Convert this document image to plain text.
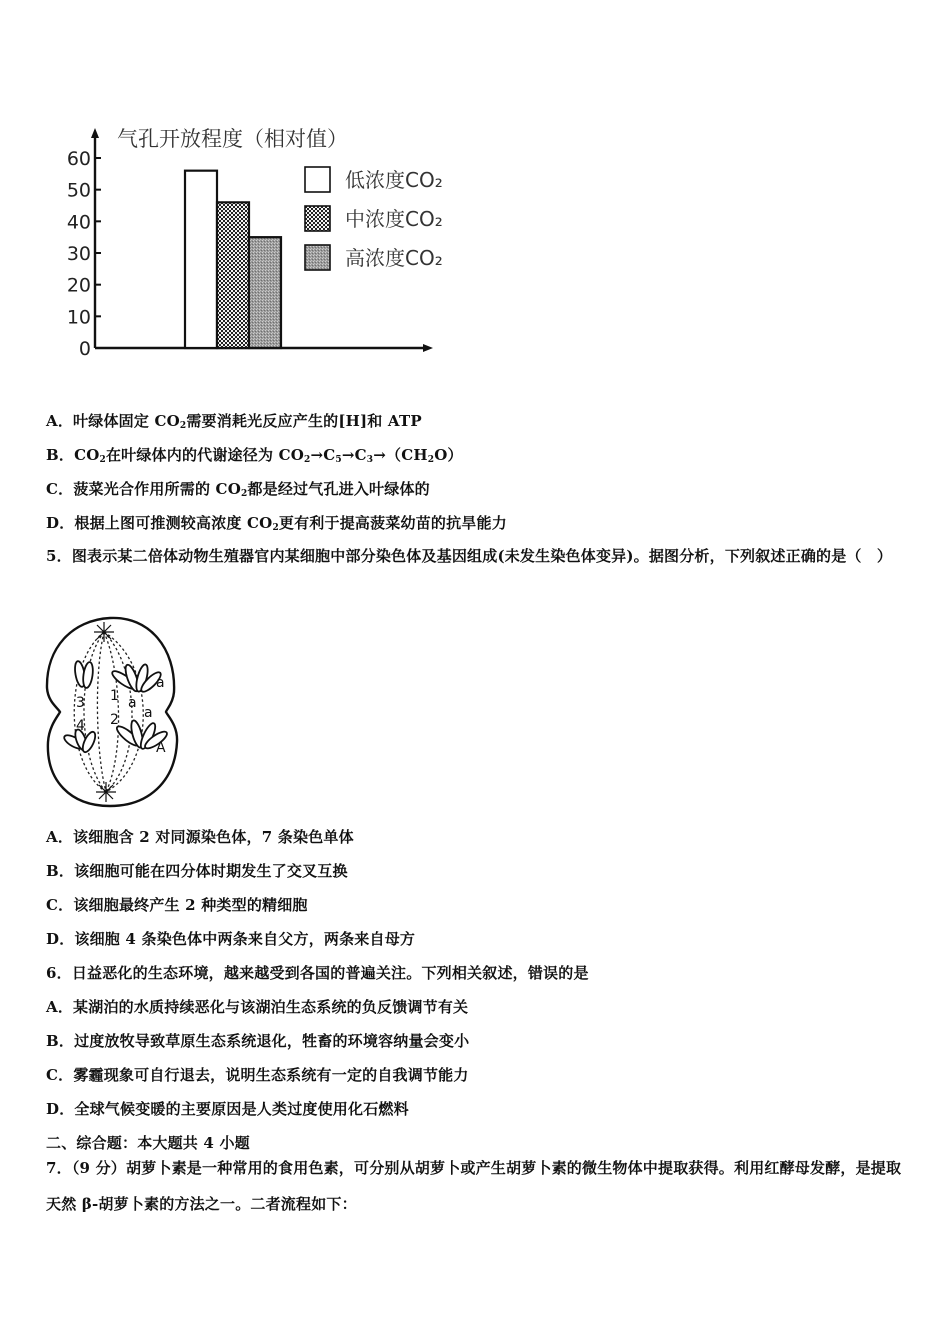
气孔开放程度（相对值）
0
10
20
30
40
50
60
低浓度CO₂
中浓度CO₂
高浓度CO₂
A．叶绿体固定 $CO_2$需要消耗光反应产生的[H]和 ATP
B．$CO_2$在叶绿体内的代谢途径为 $CO_2\to C_5\to C_3\to(CH_2O)$
C．菠菜光合作用所需的 $CO_2$都是经过气孔进入叶绿体的
D．根据上图可推测较高浓度 $CO_2$更有利于提高菠菜幼苗的抗旱能力
5．图表示某二倍体动物生殖器官内某细胞中部分染色体及基因组成(未发生染色体变异)。据图分析，下列叙述正确的是（　）
3
4
1
2
a
a
a
A
A．该细胞含 2 对同源染色体，7 条染色单体
B．该细胞可能在四分体时期发生了交叉互换
C．该细胞最终产生 2 种类型的精细胞
D．该细胞 4 条染色体中两条来自父方，两条来自母方
6．日益恶化的生态环境，越来越受到各国的普遍关注。下列相关叙述，错误的是
A．某湖泊的水质持续恶化与该湖泊生态系统的负反馈调节有关
B．过度放牧导致草原生态系统退化，牲畜的环境容纳量会变小
C．雾霾现象可自行退去，说明生态系统有一定的自我调节能力
D．全球气候变暖的主要原因是人类过度使用化石燃料
二、综合题：本大题共 4 小题
7．（9 分）胡萝卜素是一种常用的食用色素，可分别从胡萝卜或产生胡萝卜素的微生物体中提取获得。利用红酵母发酵，是提取天然 β-胡萝卜素的方法之一。二者流程如下：
